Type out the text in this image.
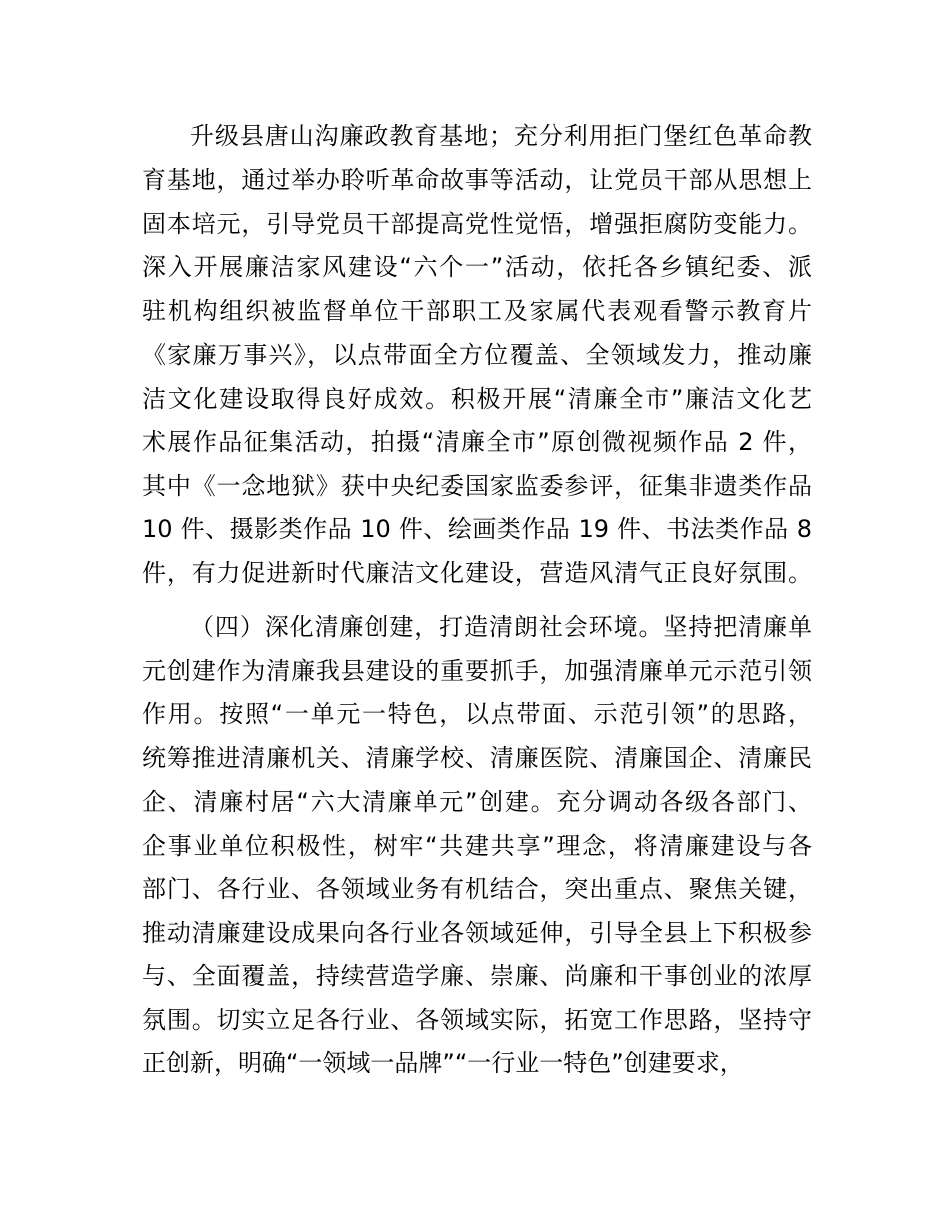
升级县唐山沟廉政教育基地；充分利用拒门堡红色革命教
育基地，通过举办聆听革命故事等活动，让党员干部从思想上
固本培元，引导党员干部提高党性觉悟，增强拒腐防变能力。
深入开展廉洁家风建设“六个一”活动，依托各乡镇纪委、派
驻机构组织被监督单位干部职工及家属代表观看警示教育片
《家廉万事兴》，以点带面全方位覆盖、全领域发力，推动廉
洁文化建设取得良好成效。积极开展“清廉全市”廉洁文化艺
术展作品征集活动，拍摄“清廉全市”原创微视频作品 2 件，
其中《一念地狱》获中央纪委国家监委参评，征集非遗类作品
10 件、摄影类作品 10 件、绘画类作品 19 件、书法类作品 8
件，有力促进新时代廉洁文化建设，营造风清气正良好氛围。
（四）深化清廉创建，打造清朗社会环境。坚持把清廉单
元创建作为清廉我县建设的重要抓手，加强清廉单元示范引领
作用。按照“一单元一特色，以点带面、示范引领”的思路，
统筹推进清廉机关、清廉学校、清廉医院、清廉国企、清廉民
企、清廉村居“六大清廉单元”创建。充分调动各级各部门、
企事业单位积极性，树牢“共建共享”理念，将清廉建设与各
部门、各行业、各领域业务有机结合，突出重点、聚焦关键，
推动清廉建设成果向各行业各领域延伸，引导全县上下积极参
与、全面覆盖，持续营造学廉、崇廉、尚廉和干事创业的浓厚
氛围。切实立足各行业、各领域实际，拓宽工作思路，坚持守
正创新，明确“一领域一品牌”“一行业一特色”创建要求，
